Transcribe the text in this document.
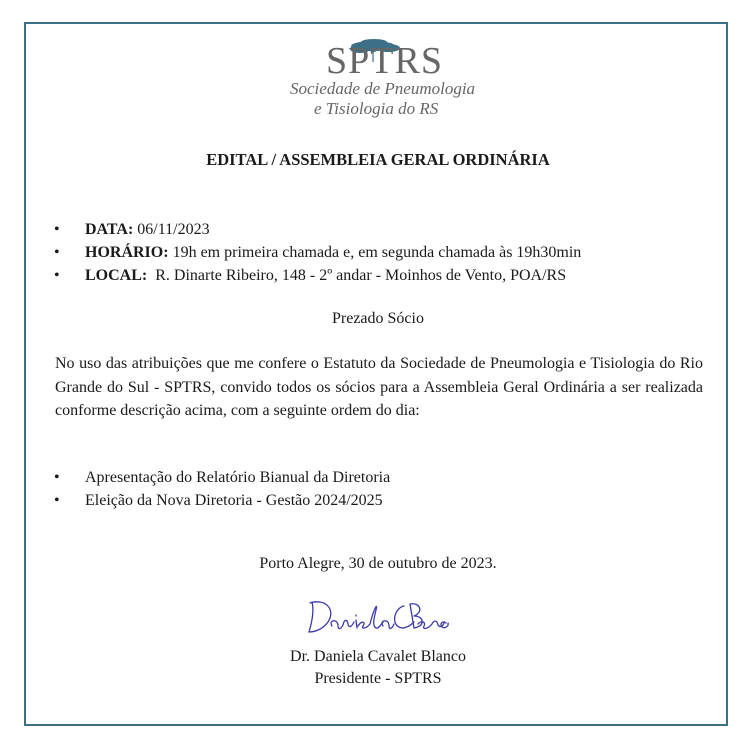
SPTRS
Sociedade de Pneumologia
e Tisiologia do RS
EDITAL / ASSEMBLEIA GERAL ORDINÁRIA
• DATA: 06/11/2023
• HORÁRIO: 19h em primeira chamada e, em segunda chamada às 19h30min
• LOCAL:  R. Dinarte Ribeiro, 148 - 2º andar - Moinhos de Vento, POA/RS
Prezado Sócio
No uso das atribuições que me confere o Estatuto da Sociedade de Pneumologia e Tisiologia do Rio Grande do Sul - SPTRS, convido todos os sócios para a Assembleia Geral Ordinária a ser realizada conforme descrição acima, com a seguinte ordem do dia:
• Apresentação do Relatório Bianual da Diretoria
• Eleição da Nova Diretoria - Gestão 2024/2025
Porto Alegre, 30 de outubro de 2023.
Dr. Daniela Cavalet Blanco
Presidente - SPTRS
